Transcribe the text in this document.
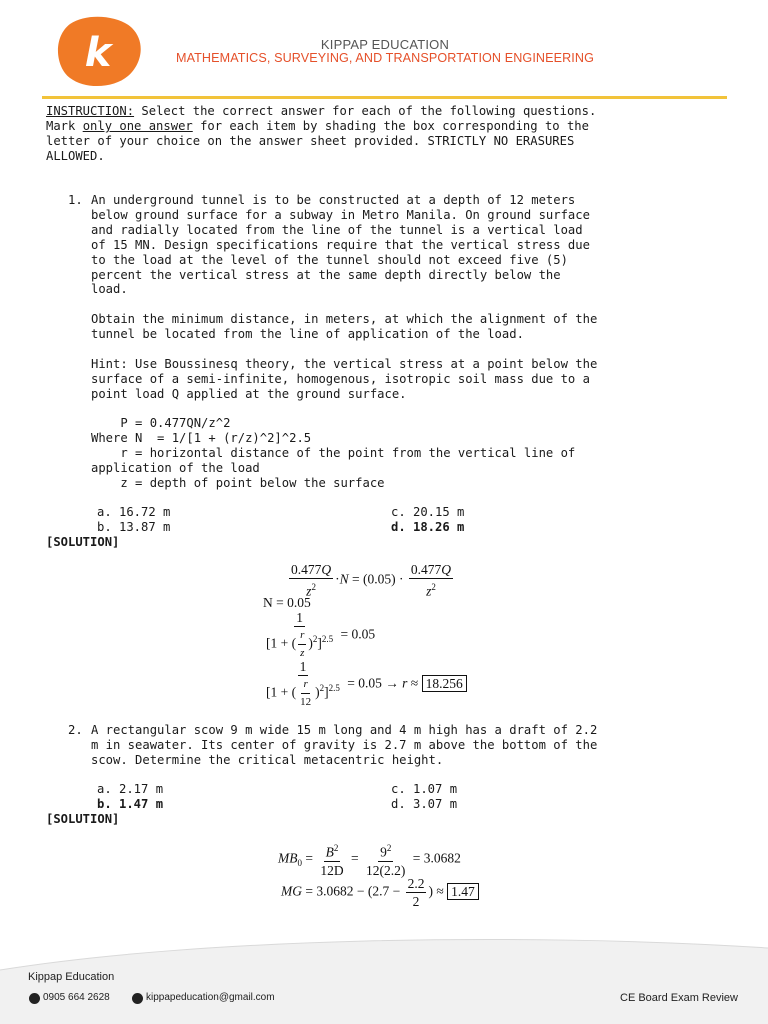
k	KIPPAP EDUCATION
MATHEMATICS, SURVEYING, AND TRANSPORTATION ENGINEERING
INSTRUCTION: Select the correct answer for each of the following questions.
Mark only one answer for each item by shading the box corresponding to the
letter of your choice on the answer sheet provided. STRICTLY NO ERASURES
ALLOWED.
1. An underground tunnel is to be constructed at a depth of 12 meters
below ground surface for a subway in Metro Manila. On ground surface
and radially located from the line of the tunnel is a vertical load
of 15 MN. Design specifications require that the vertical stress due
to the load at the level of the tunnel should not exceed five (5)
percent the vertical stress at the same depth directly below the
load.
Obtain the minimum distance, in meters, at which the alignment of the
tunnel be located from the line of application of the load.
Hint: Use Boussinesq theory, the vertical stress at a point below the
surface of a semi-infinite, homogenous, isotropic soil mass due to a
point load Q applied at the ground surface.
P = 0.477QN/z^2
Where N  = 1/[1 + (r/z)^2]^2.5
r = horizontal distance of the point from the vertical line of
application of the load
z = depth of point below the surface
a. 16.72 m
b. 13.87 m
c. 20.15 m
d. 18.26 m
[SOLUTION]
$\frac{0.477Q}{z^2} \cdot N = (0.05) \cdot \frac{0.477Q}{z^2}$
N = 0.05
$\frac{1}{[1 + ( \frac{r}{z} )^2]^{2.5}} = 0.05$
$\frac{1}{[1 + ( \frac{r}{12} )^2]^{2.5}} = 0.05 \to r \approx 18.256$
2. A rectangular scow 9 m wide 15 m long and 4 m high has a draft of 2.2
m in seawater. Its center of gravity is 2.7 m above the bottom of the
scow. Determine the critical metacentric height.
a. 2.17 m
b. 1.47 m
c. 1.07 m
d. 3.07 m
[SOLUTION]
$MB_0 = \frac{B^2}{12D} = \frac{9^2}{12(2.2)} = 3.0682$
MG = $3.0682 - (2.7 - \frac{2.2}{2}$ ) ≈ 1.47
Kippap Education
0905 664 2628	kippapeducation@gmail.com	CE Board Exam Review
